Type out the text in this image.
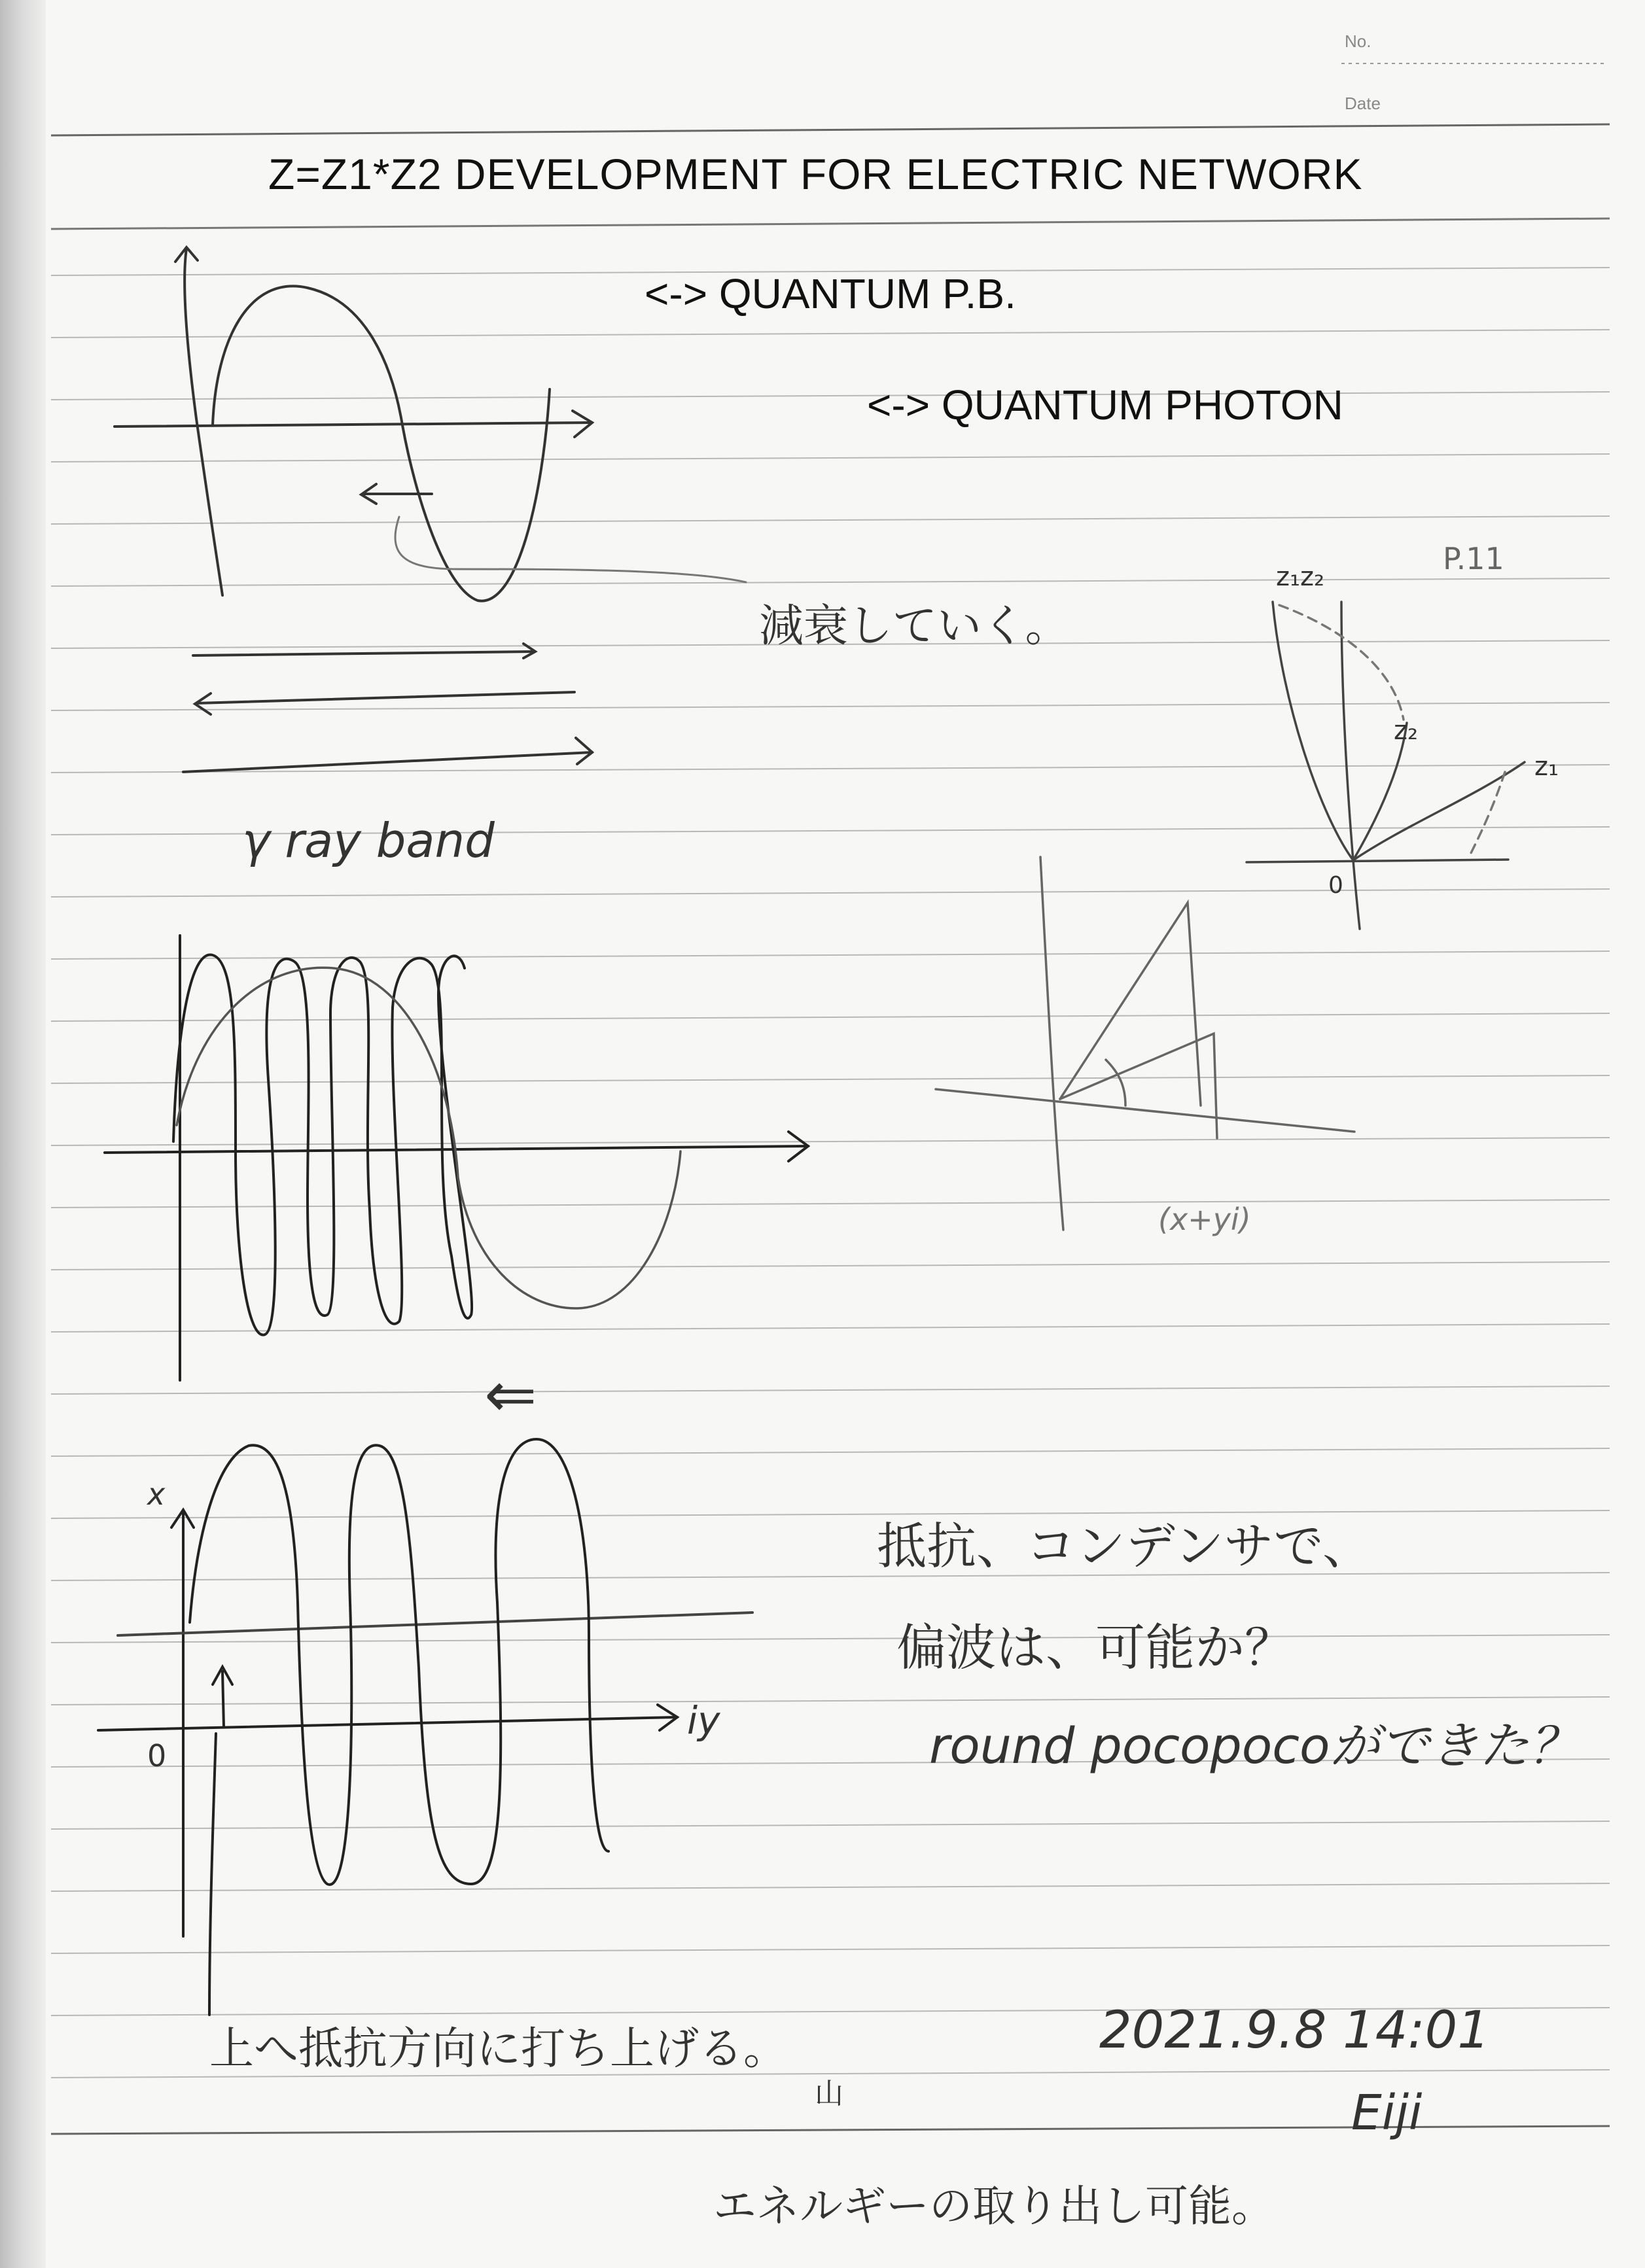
減衰していく。
γ ray band
P.11
z₁z₂
z₂
z₁
0
(x+yi)
⇐
x
iy
0
抵抗、コンデンサで、
偏波は、可能か？
round pocopocoができた？
上へ抵抗方向に打ち上げる。	2021.9.8 14:01
Eiji
山
エネルギーの取り出し可能。
No.
Date
Z=Z1*Z2 DEVELOPMENT FOR ELECTRIC NETWORK
<-> QUANTUM P.B.
<-> QUANTUM PHOTON
